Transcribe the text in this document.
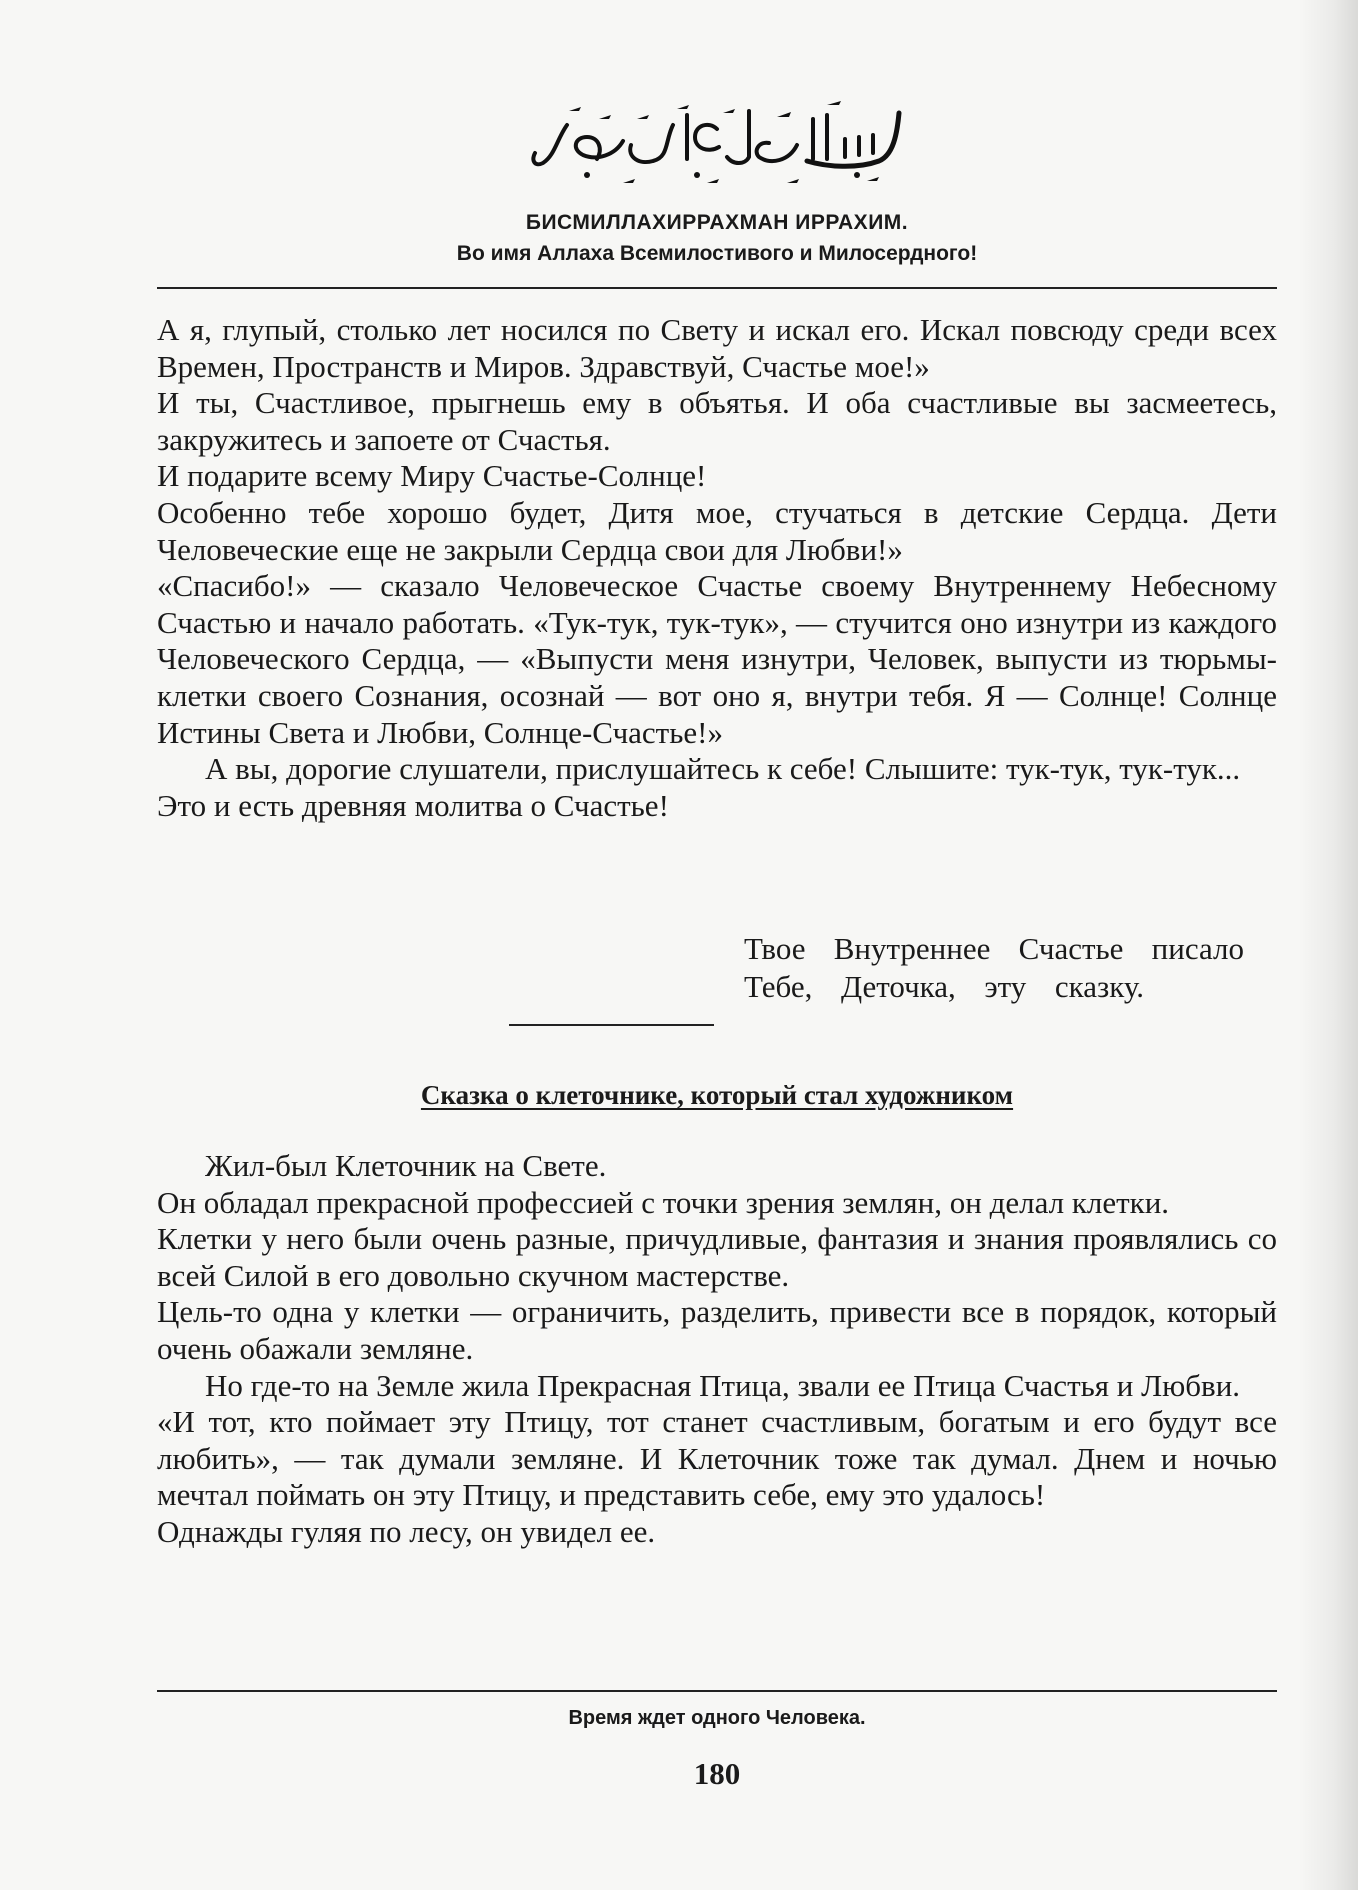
БИСМИЛЛАХИРРАХМАН ИРРАХИМ.
Во имя Аллаха Всемилостивого и Милосердного!

А я, глупый, столько лет носился по Свету и искал его. Искал повсюду среди всех Времен, Пространств и Миров. Здравствуй, Счастье мое!»

И ты, Счастливое, прыгнешь ему в объятья. И оба счастливые вы засмеетесь, закружитесь и запоете от Счастья.

И подарите всему Миру Счастье-Солнце!

Особенно тебе хорошо будет, Дитя мое, стучаться в детские Сердца. Дети Человеческие еще не закрыли Сердца свои для Любви!»

«Спасибо!» — сказало Человеческое Счастье своему Внутреннему Небесному Счастью и начало работать. «Тук-тук, тук-тук», — стучится оно изнутри из каждого Человеческого Сердца, — «Выпусти меня изнутри, Человек, выпусти из тюрьмы-клетки своего Сознания, осознай — вот оно я, внутри тебя. Я — Солнце! Солнце Истины Света и Любви, Солнце-Счастье!»

А вы, дорогие слушатели, прислушайтесь к себе! Слышите: тук-тук, тук-тук...

Это и есть древняя молитва о Счастье!

Твое Внутреннее Счастье писало
Тебе, Деточка, эту сказку.
Сказка о клеточнике, который стал художником

Жил-был Клеточник на Свете.

Он обладал прекрасной профессией с точки зрения землян, он делал клетки.

Клетки у него были очень разные, причудливые, фантазия и знания проявлялись со всей Силой в его довольно скучном мастерстве.

Цель-то одна у клетки — ограничить, разделить, привести все в порядок, который очень обажали земляне.

Но где-то на Земле жила Прекрасная Птица, звали ее Птица Счастья и Любви.

«И тот, кто поймает эту Птицу, тот станет счастливым, богатым и его будут все любить», — так думали земляне. И Клеточник тоже так думал. Днем и ночью мечтал поймать он эту Птицу, и представить себе, ему это удалось!

Однажды гуляя по лесу, он увидел ее.

Время ждет одного Человека.
180
